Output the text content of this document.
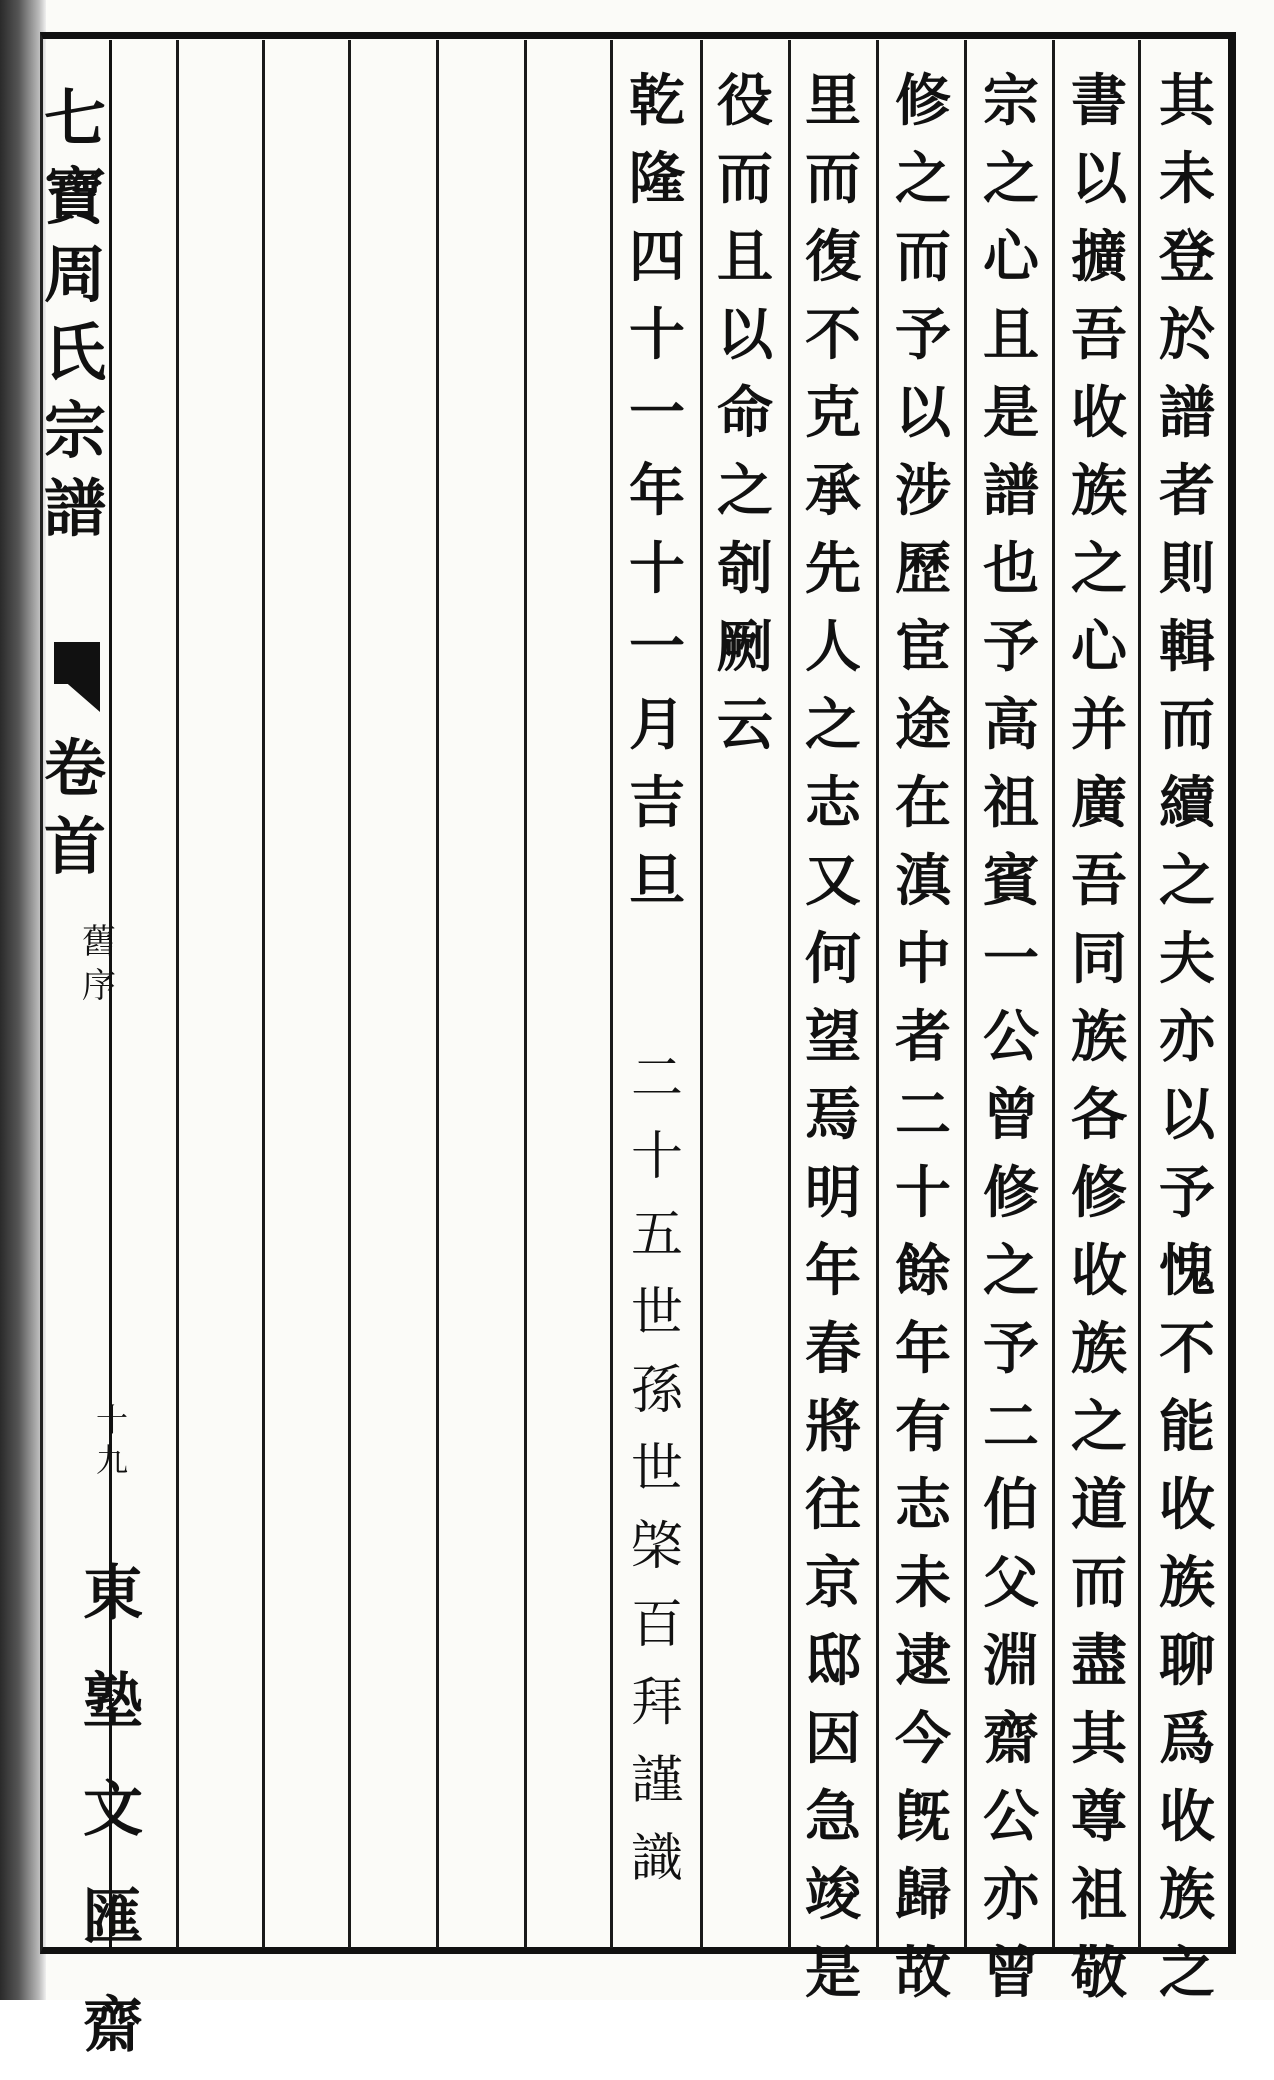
七
寶
周
氏
宗
譜
卷
首
舊
序
十
九
東
塾
文
匯
齋
其
未
登
於
譜
者
則
輯
而
續
之
夫
亦
以
予
愧
不
能
收
族
聊
爲
收
族
之
書
以
擴
吾
收
族
之
心
并
廣
吾
同
族
各
修
收
族
之
道
而
盡
其
尊
祖
敬
宗
之
心
且
是
譜
也
予
高
祖
賓
一
公
曾
修
之
予
二
伯
父
淵
齋
公
亦
曾
修
之
而
予
以
涉
歷
宦
途
在
滇
中
者
二
十
餘
年
有
志
未
逮
今
旣
歸
故
里
而
復
不
克
承
先
人
之
志
又
何
望
焉
明
年
春
將
往
京
邸
因
急
竣
是
役
而
且
以
命
之
剞
劂
云
乾
隆
四
十
一
年
十
一
月
吉
旦
二
十
五
世
孫
世
棨
百
拜
謹
識
